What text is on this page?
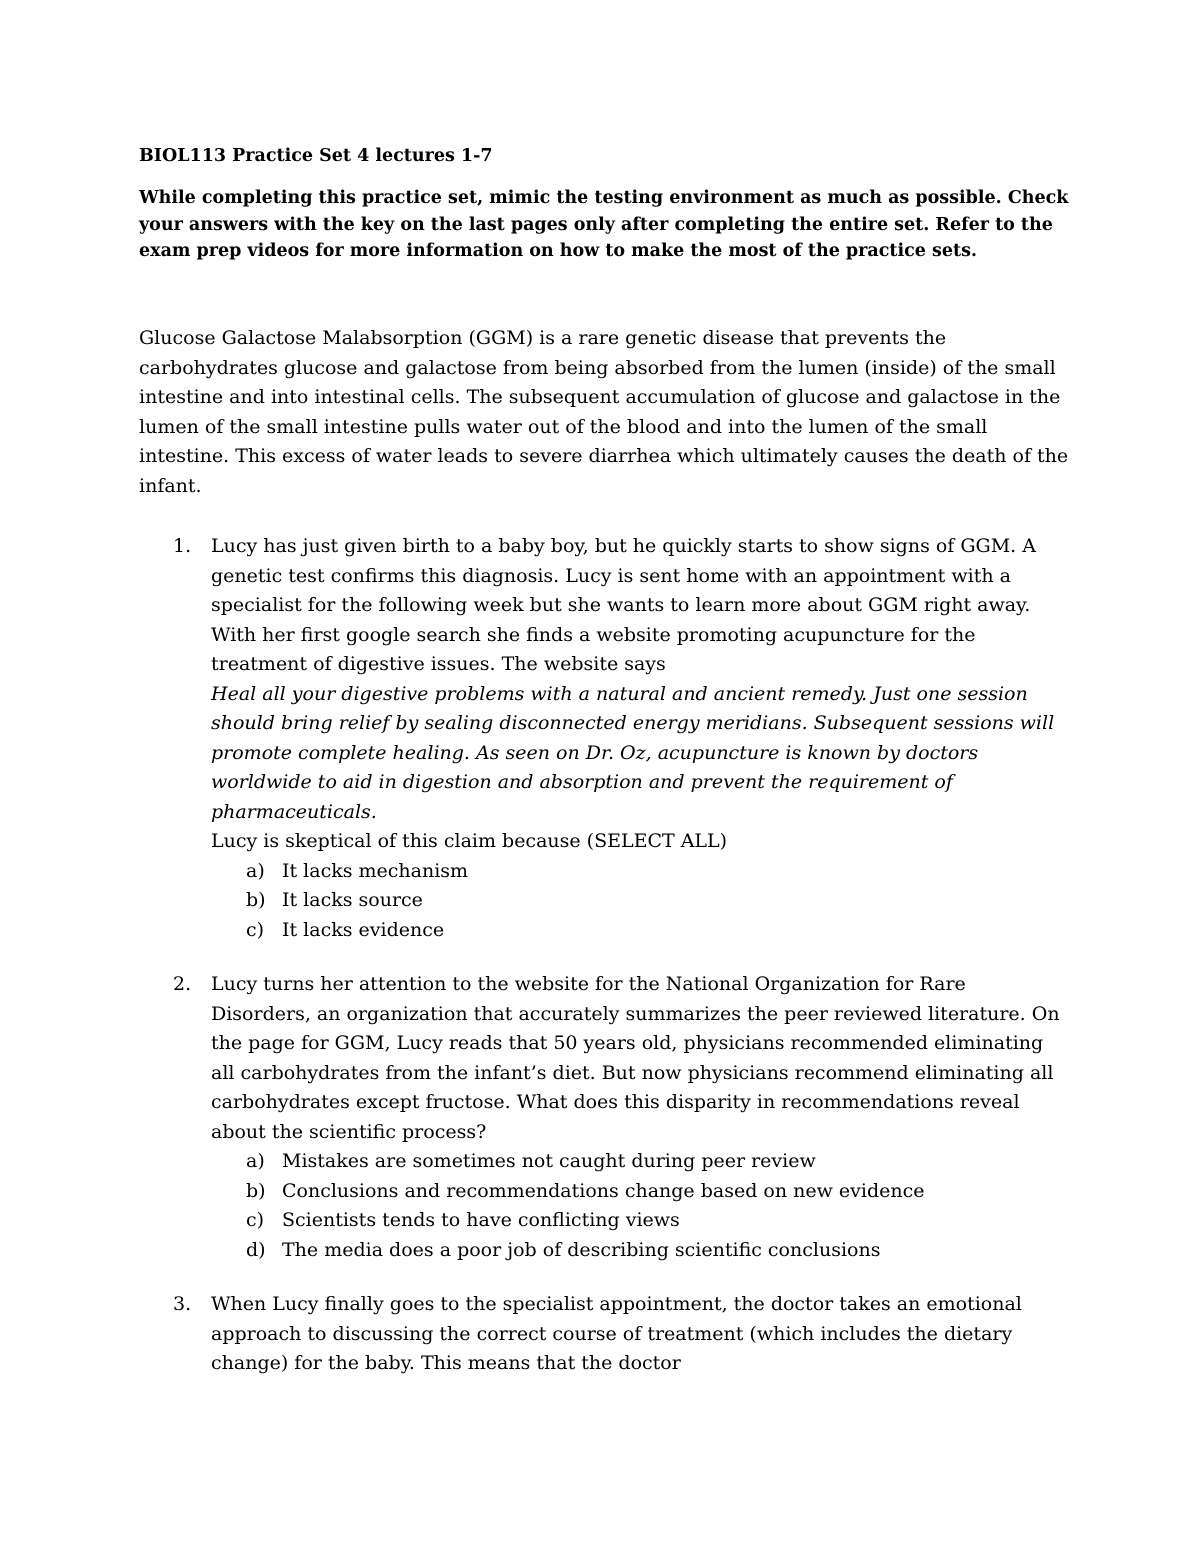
BIOL113 Practice Set 4 lectures 1-7

While completing this practice set, mimic the testing environment as much as possible. Check your answers with the key on the last pages only after completing the entire set. Refer to the exam prep videos for more information on how to make the most of the practice sets.

Glucose Galactose Malabsorption (GGM) is a rare genetic disease that prevents the carbohydrates glucose and galactose from being absorbed from the lumen (inside) of the small intestine and into intestinal cells. The subsequent accumulation of glucose and galactose in the lumen of the small intestine pulls water out of the blood and into the lumen of the small intestine. This excess of water leads to severe diarrhea which ultimately causes the death of the infant.

1. Lucy has just given birth to a baby boy, but he quickly starts to show signs of GGM. A genetic test confirms this diagnosis. Lucy is sent home with an appointment with a specialist for the following week but she wants to learn more about GGM right away. With her first google search she finds a website promoting acupuncture for the treatment of digestive issues. The website says

Heal all your digestive problems with a natural and ancient remedy. Just one session should bring relief by sealing disconnected energy meridians. Subsequent sessions will promote complete healing. As seen on Dr. Oz, acupuncture is known by doctors worldwide to aid in digestion and absorption and prevent the requirement of pharmaceuticals.

Lucy is skeptical of this claim because (SELECT ALL)

a) It lacks mechanism
b) It lacks source
c) It lacks evidence
2. Lucy turns her attention to the website for the National Organization for Rare Disorders, an organization that accurately summarizes the peer reviewed literature. On the page for GGM, Lucy reads that 50 years old, physicians recommended eliminating all carbohydrates from the infant’s diet. But now physicians recommend eliminating all carbohydrates except fructose. What does this disparity in recommendations reveal about the scientific process?

a) Mistakes are sometimes not caught during peer review
b) Conclusions and recommendations change based on new evidence
c) Scientists tends to have conflicting views
d) The media does a poor job of describing scientific conclusions
3. When Lucy finally goes to the specialist appointment, the doctor takes an emotional approach to discussing the correct course of treatment (which includes the dietary change) for the baby. This means that the doctor
